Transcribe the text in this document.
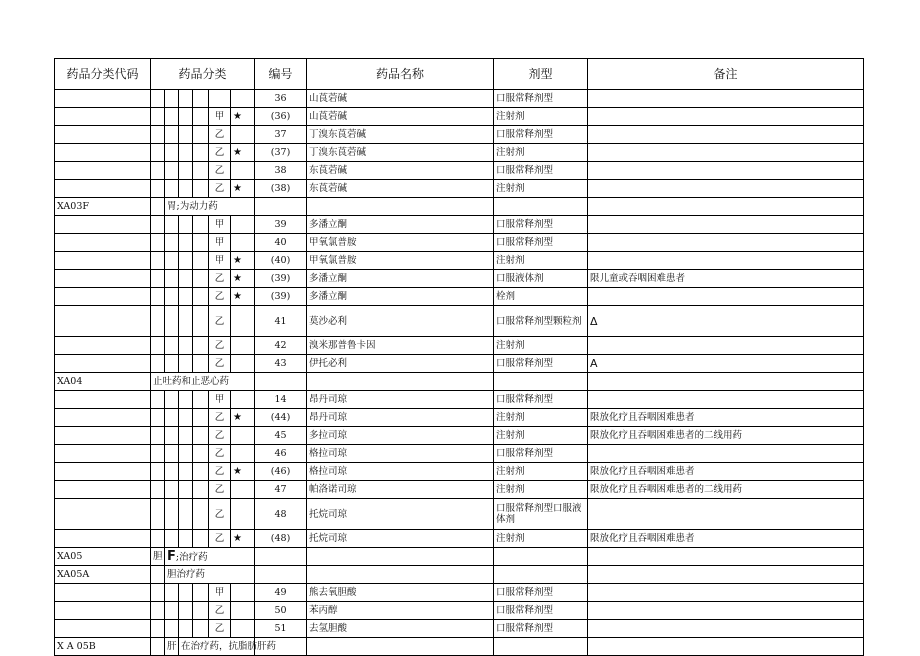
药品分类代码	药品分类						编号	药品名称	剂型	备注
							36	山莨菪碱	口服常释剂型	
					甲	★	(36)	山莨菪碱	注射剂	
					乙		37	丁溴东莨菪碱	口服常释剂型	
					乙	★	(37)	丁溴东莨菪碱	注射剂	
					乙		38	东莨菪碱	口服常释剂型	
					乙	★	(38)	东莨菪碱	注射剂	
XA03F		胃;为动力药								
					甲		39	多潘立酮	口服常释剂型	
					甲		40	甲氧氯普胺	口服常释剂型	
					甲	★	(40)	甲氧氯普胺	注射剂	
					乙	★	(39)	多潘立酮	口服液体剂	限儿童或吞咽困难患者
					乙	★	(39)	多潘立酮	栓剂	
					乙		41	莫沙必利	口服常释剂型颗粒剂	Δ
					乙		42	溴米那普鲁卡因	注射剂	
					乙		43	伊托必利	口服常释剂型	A
XA04	止吐药和止恶心药									
					甲		14	昂丹司琼	口服常释剂型	
					乙	★	(44)	昂丹司琼	注射剂	限放化疗且吞咽困难患者
					乙		45	多拉司琼	注射剂	限放化疗且吞咽困难患者的二线用药
					乙		46	格拉司琼	口服常释剂型	
					乙	★	(46)	格拉司琼	注射剂	限放化疗且吞咽困难患者
					乙		47	帕洛诺司琼	注射剂	限放化疗且吞咽困难患者的二线用药
					乙		48	托烷司琼	口服常释剂型口服液体剂	
					乙	★	(48)	托烷司琼	注射剂	限放化疗且吞咽困难患者
XA05	胆	F;治疗药								
XA05A		胆治疗药								
					甲		49	熊去氧胆酸	口服常释剂型	
					乙		50	苯丙醇	口服常释剂型	
					乙		51	去氢胆酸	口服常释剂型	
X A 05B		肝	在治疗药，抗脂肪肝药							
